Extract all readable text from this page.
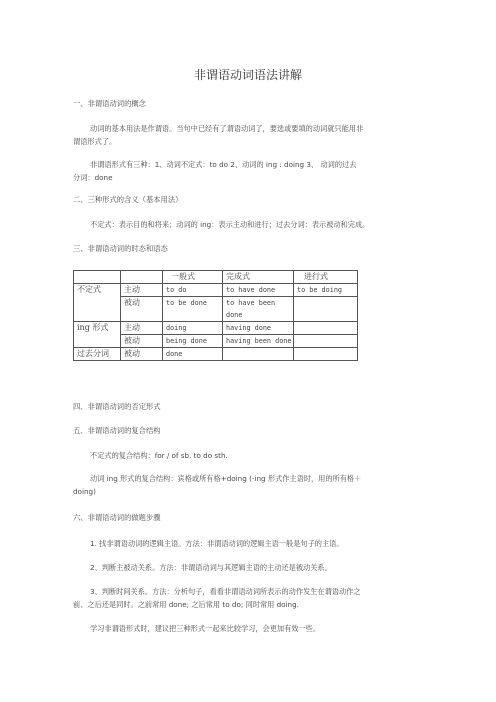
非谓语动词语法讲解
一、非谓语动词的概念
动词的基本用法是作谓语。当句中已经有了谓语动词了，要选或要填的动词就只能用非
谓语形式了。
非谓语形式有三种：1、动词不定式：to do 2、动词的 ing : doing 3、 动词的过去
分词：done
二、三种形式的含义（基本用法）
不定式：表示目的和将来；动词的 ing：表示主动和进行；过去分词：表示被动和完成。
三、非谓语动词的时态和语态
		一般式	完成式	进行式
不定式	主动	to do	to have done	to be doing
	被动	to be done	to have been done	
ing 形式	主动	doing	having done	
	被动	being done	having been done	
过去分词	被动	done		
四、非谓语动词的否定形式
五、非谓语动词的复合结构
不定式的复合结构：for / of sb. to do sth.
动词 ing 形式的复合结构：宾格或所有格+doing (-ing 形式作主语时，用的所有格＋
doing)
六、非谓语动词的做题步骤
1. 找非谓语动词的逻辑主语。方法：非谓语动词的逻辑主语一般是句子的主语。
2、判断主被动关系。方法：非谓语动词与其逻辑主语的主动还是被动关系。
3、判断时间关系。方法：分析句子，看看非谓语动词所表示的动作发生在谓语动作之
前、之后还是同时。之前常用 done; 之后常用 to do; 同时常用 doing.
学习非谓语形式时，建议把三种形式一起来比较学习，会更加有效一些。
